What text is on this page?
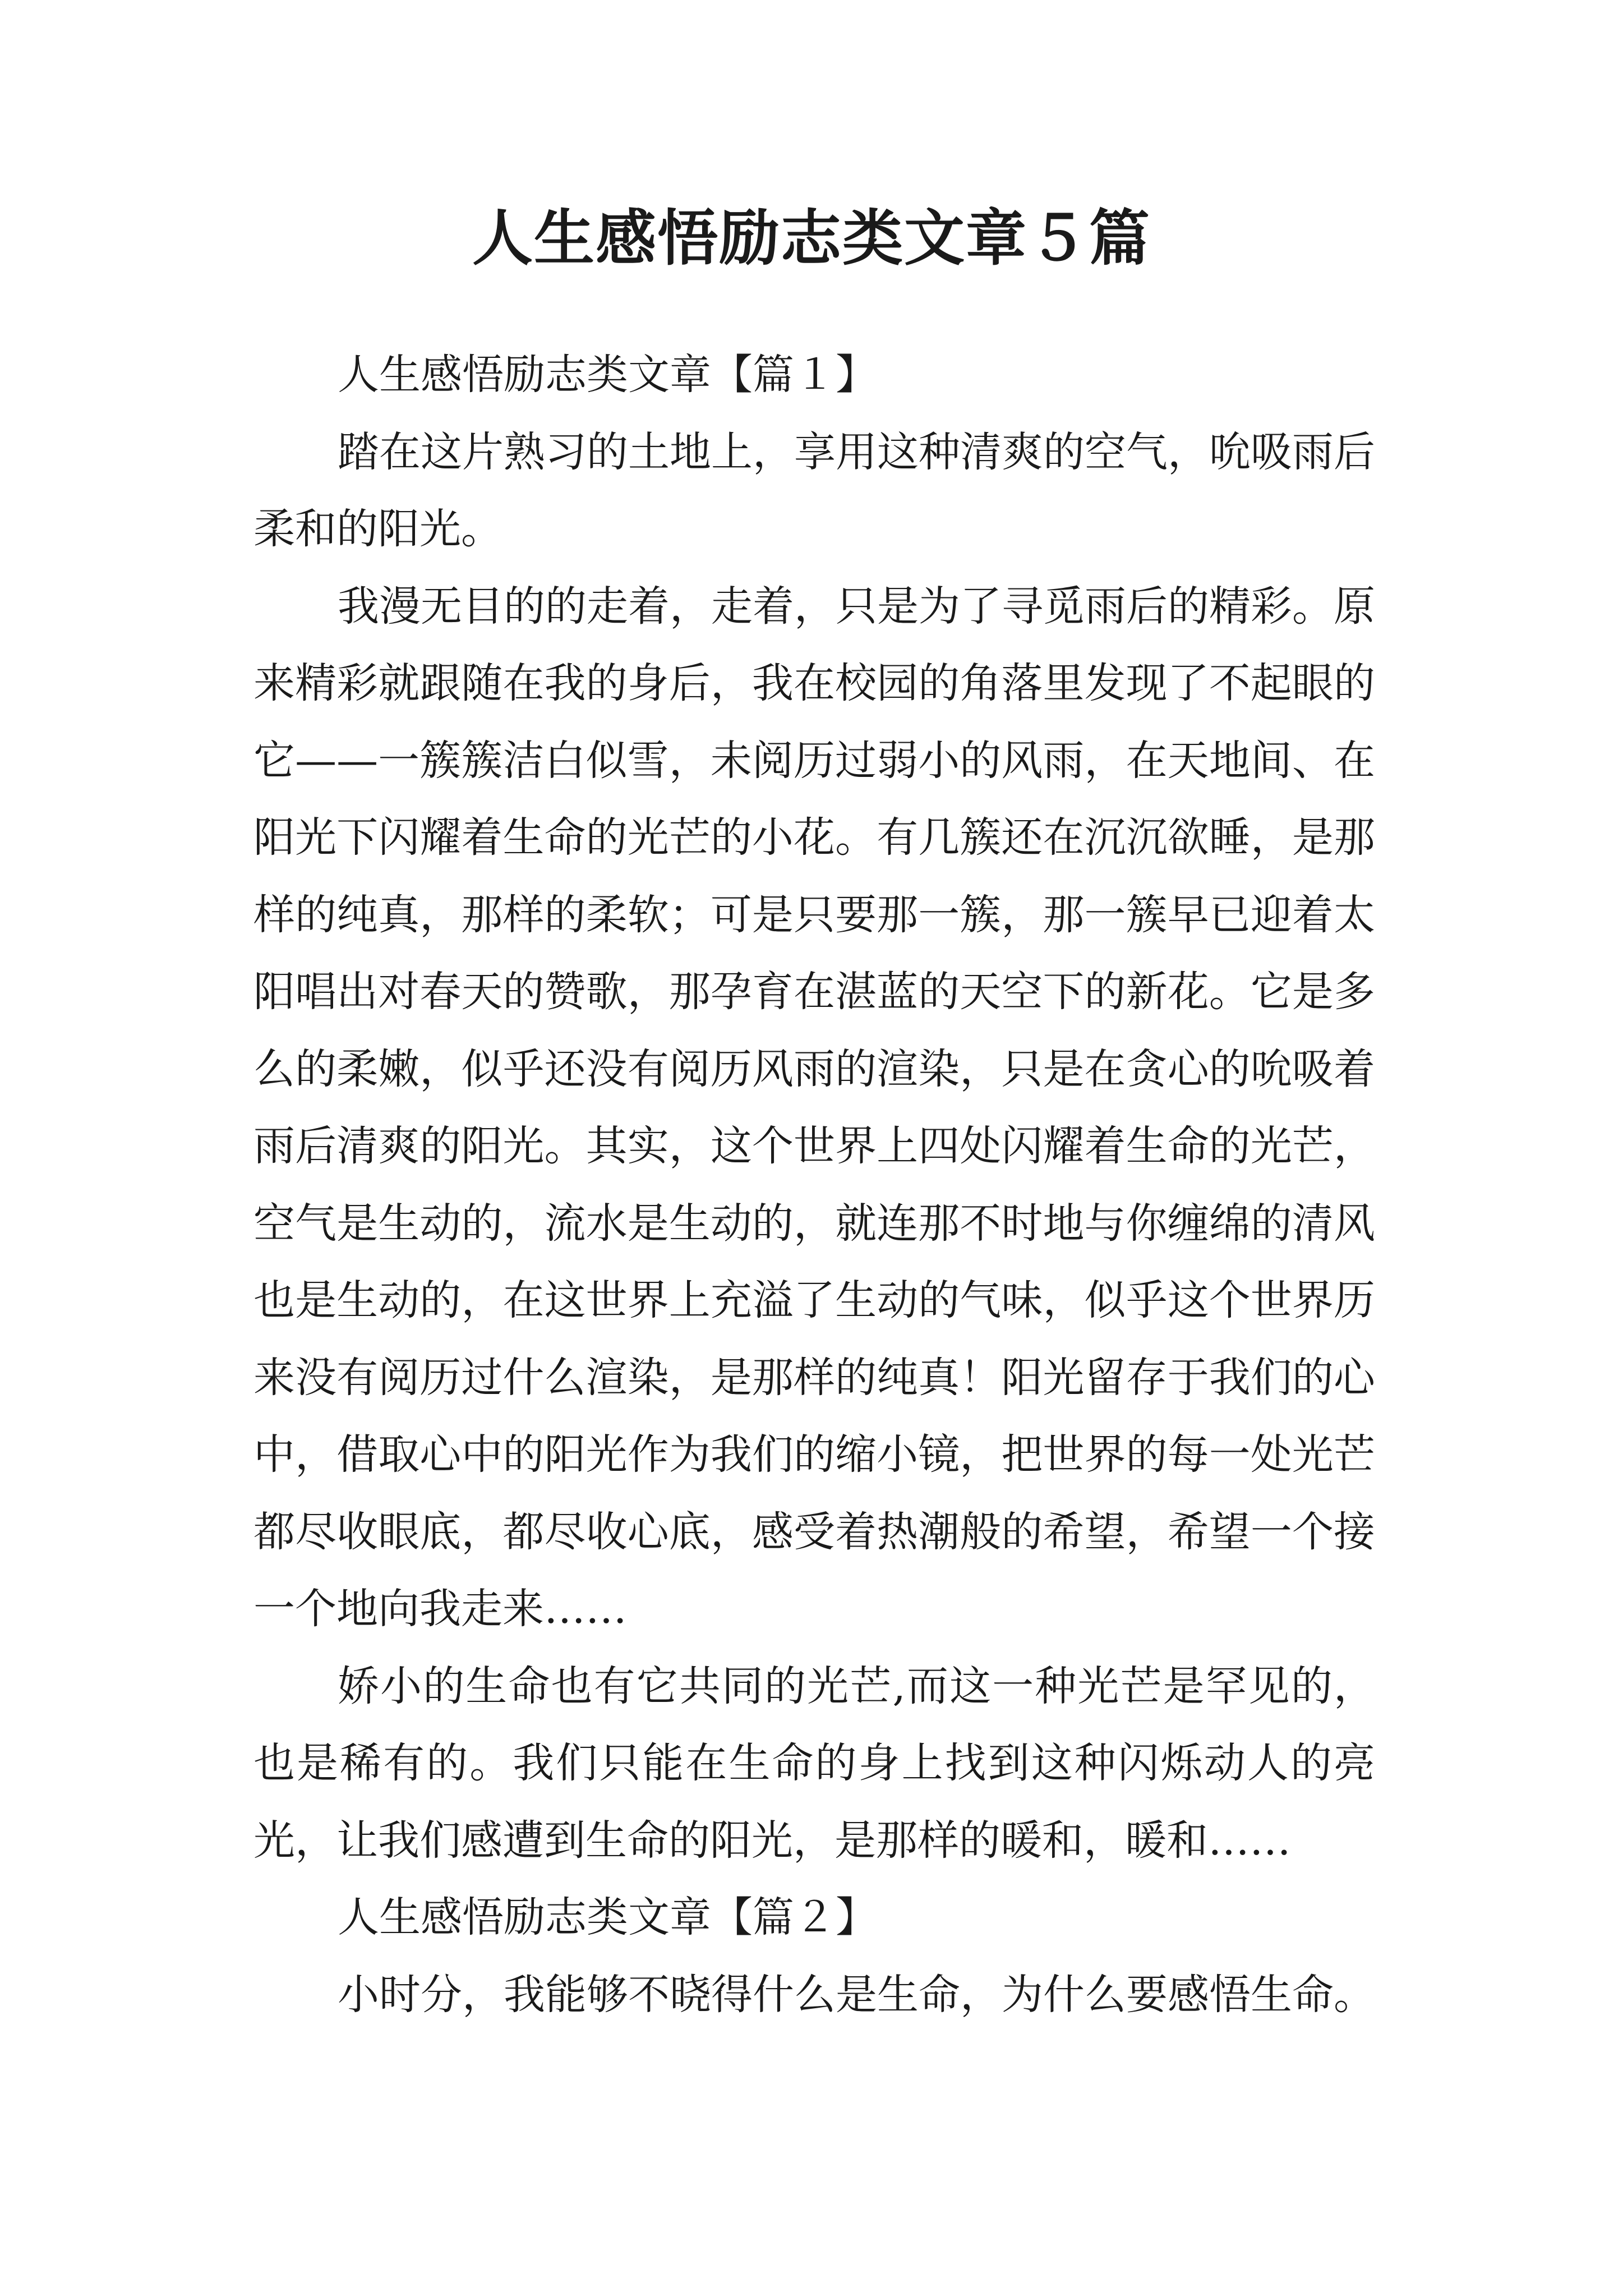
人生感悟励志类文章５篇

人生感悟励志类文章【篇１】

踏在这片熟习的土地上，享用这种清爽的空气，吮吸雨后柔和的阳光。

我漫无目的的走着，走着，只是为了寻觅雨后的精彩。原来精彩就跟随在我的身后，我在校园的角落里发现了不起眼的它——一簇簇洁白似雪，未阅历过弱小的风雨，在天地间、在阳光下闪耀着生命的光芒的小花。有几簇还在沉沉欲睡，是那样的纯真，那样的柔软；可是只要那一簇，那一簇早已迎着太阳唱出对春天的赞歌，那孕育在湛蓝的天空下的新花。它是多么的柔嫩，似乎还没有阅历风雨的渲染，只是在贪心的吮吸着雨后清爽的阳光。其实，这个世界上四处闪耀着生命的光芒，空气是生动的，流水是生动的，就连那不时地与你缠绵的清风也是生动的，在这世界上充溢了生动的气味，似乎这个世界历来没有阅历过什么渲染，是那样的纯真！阳光留存于我们的心中，借取心中的阳光作为我们的缩小镜，把世界的每一处光芒都尽收眼底，都尽收心底，感受着热潮般的希望，希望一个接一个地向我走来……

娇小的生命也有它共同的光芒,而这一种光芒是罕见的，也是稀有的。我们只能在生命的身上找到这种闪烁动人的亮光，让我们感遭到生命的阳光，是那样的暖和，暖和……

人生感悟励志类文章【篇２】

小时分，我能够不晓得什么是生命，为什么要感悟生命。
